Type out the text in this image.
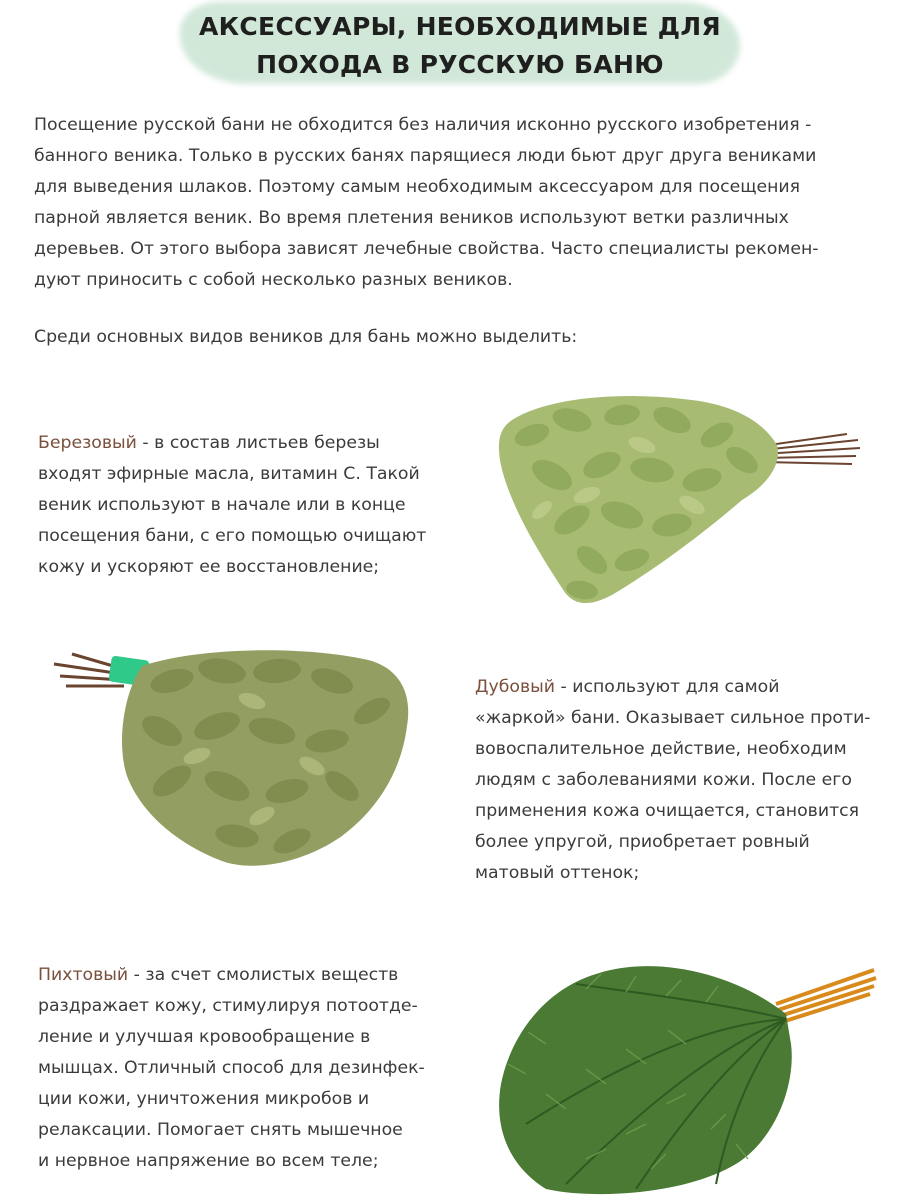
АКСЕССУАРЫ, НЕОБХОДИМЫЕ ДЛЯ
ПОХОДА В РУССКУЮ БАНЮ
Посещение русской бани не обходится без наличия исконно русского изобретения -
банного веника. Только в русских банях парящиеся люди бьют друг друга вениками
для выведения шлаков. Поэтому самым необходимым аксессуаром для посещения
парной является веник. Во время плетения веников используют ветки различных
деревьев. От этого выбора зависят лечебные свойства. Часто специалисты рекомен-
дуют приносить с собой несколько разных веников.
Среди основных видов веников для бань можно выделить:
Березовый - в состав листьев березы
входят эфирные масла, витамин С. Такой
веник используют в начале или в конце
посещения бани, с его помощью очищают
кожу и ускоряют ее восстановление;
Дубовый - используют для самой
«жаркой» бани. Оказывает сильное проти-
вовоспалительное действие, необходим
людям с заболеваниями кожи. После его
применения кожа очищается, становится
более упругой, приобретает ровный
матовый оттенок;
Пихтовый - за счет смолистых веществ
раздражает кожу, стимулируя потоотде-
ление и улучшая кровообращение в
мышцах. Отличный способ для дезинфек-
ции кожи, уничтожения микробов и
релаксации. Помогает снять мышечное
и нервное напряжение во всем теле;
